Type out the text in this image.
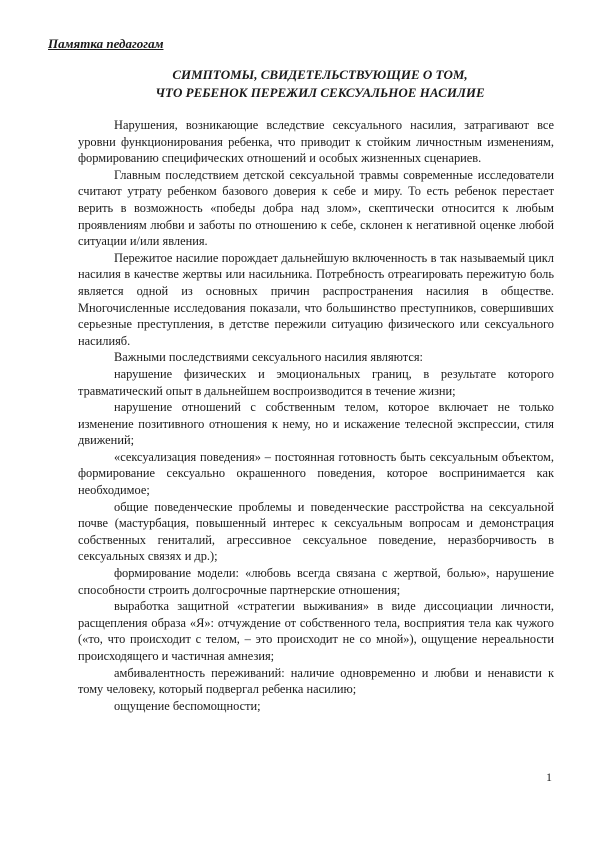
Памятка педагогам
СИМПТОМЫ, СВИДЕТЕЛЬСТВУЮЩИЕ О ТОМ,
ЧТО РЕБЕНОК ПЕРЕЖИЛ СЕКСУАЛЬНОЕ НАСИЛИЕ

Нарушения, возникающие вследствие сексуального насилия, затрагивают все уровни функционирования ребенка, что приводит к стойким личностным изменениям, формированию специфических отношений и особых жизненных сценариев.

Главным последствием детской сексуальной травмы современные исследователи считают утрату ребенком базового доверия к себе и миру. То есть ребенок перестает верить в возможность «победы добра над злом», скептически относится к любым проявлениям любви и заботы по отношению к себе, склонен к негативной оценке любой ситуации и/или явления.

Пережитое насилие порождает дальнейшую включенность в так называемый цикл насилия в качестве жертвы или насильника. Потребность отреагировать пережитую боль является одной из основных причин распространения насилия в обществе. Многочисленные исследования показали, что большинство преступников, совершивших серьезные преступления, в детстве пережили ситуацию физического или сексуального насилияб.

Важными последствиями сексуального насилия являются:

нарушение физических и эмоциональных границ, в результате которого травматический опыт в дальнейшем воспроизводится в течение жизни;

нарушение отношений с собственным телом, которое включает не только изменение позитивного отношения к нему, но и искажение телесной экспрессии, стиля движений;

«сексуализация поведения» – постоянная готовность быть сексуальным объектом, формирование сексуально окрашенного поведения, которое воспринимается как необходимое;

общие поведенческие проблемы и поведенческие расстройства на сексуальной почве (мастурбация, повышенный интерес к сексуальным вопросам и демонстрация собственных гениталий, агрессивное сексуальное поведение, неразборчивость в сексуальных связях и др.);

формирование модели: «любовь всегда связана с жертвой, болью», нарушение способности строить долгосрочные партнерские отношения;

выработка защитной «стратегии выживания» в виде диссоциации личности, расщепления образа «Я»: отчуждение от собственного тела, восприятия тела как чужого («то, что происходит с телом, – это происходит не со мной»), ощущение нереальности происходящего и частичная амнезия;

амбивалентность переживаний: наличие одновременно и любви и ненависти к тому человеку, который подвергал ребенка насилию;

ощущение беспомощности;

1
